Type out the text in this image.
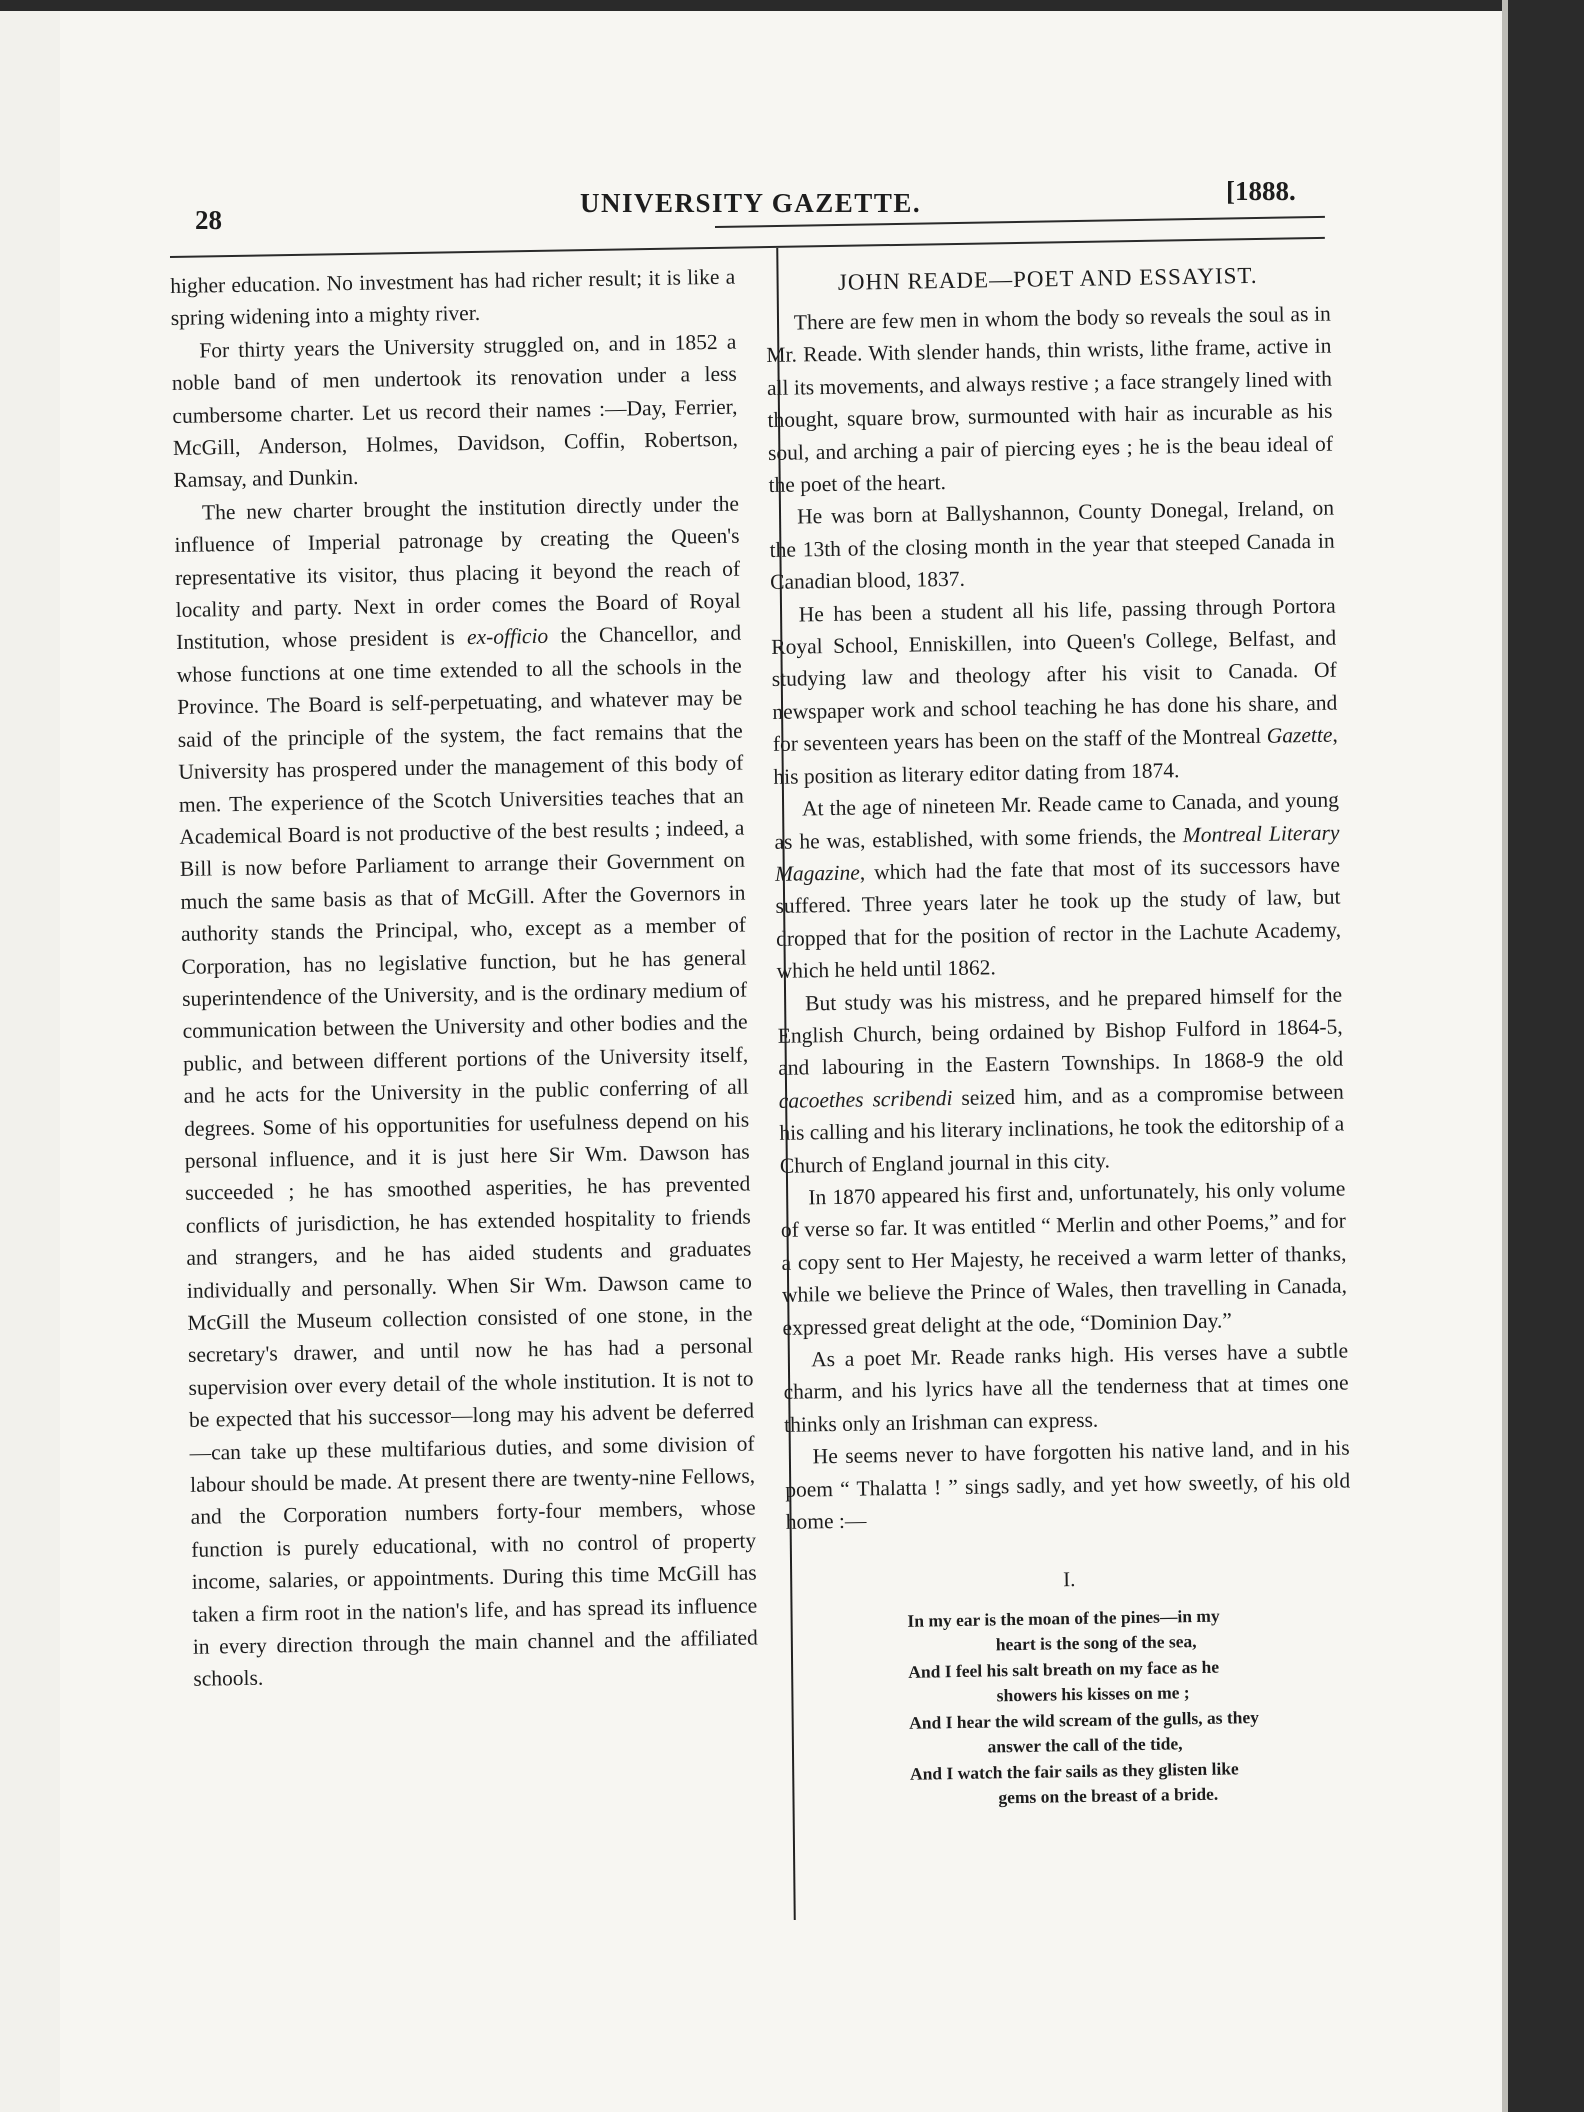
28
UNIVERSITY GAZETTE.	[1888.

higher education. No investment has had richer result; it is like a spring widening into a mighty river.

For thirty years the University struggled on, and in 1852 a noble band of men undertook its renovation under a less cumbersome charter. Let us record their names :—Day, Ferrier, McGill, Anderson, Holmes, Davidson, Coffin, Robertson, Ramsay, and Dunkin.

The new charter brought the institution directly under the influence of Imperial patronage by creating the Queen's representative its visitor, thus placing it beyond the reach of locality and party. Next in order comes the Board of Royal Institution, whose president is ex-officio the Chancellor, and whose functions at one time extended to all the schools in the Province. The Board is self-perpetuating, and whatever may be said of the principle of the system, the fact remains that the University has prospered under the management of this body of men. The experience of the Scotch Universities teaches that an Academical Board is not productive of the best results ; indeed, a Bill is now before Parliament to arrange their Government on much the same basis as that of McGill. After the Governors in authority stands the Principal, who, except as a member of Corporation, has no legislative function, but he has general superintendence of the University, and is the ordinary medium of communication between the University and other bodies and the public, and between different portions of the University itself, and he acts for the University in the public conferring of all degrees. Some of his opportunities for usefulness depend on his personal influence, and it is just here Sir Wm. Dawson has succeeded ; he has smoothed asperities, he has prevented conflicts of jurisdiction, he has extended hospitality to friends and strangers, and he has aided students and graduates individually and personally. When Sir Wm. Dawson came to McGill the Museum collection consisted of one stone, in the secretary's drawer, and until now he has had a personal supervision over every detail of the whole institution. It is not to be expected that his successor—long may his advent be deferred—can take up these multifarious duties, and some division of labour should be made. At present there are twenty-nine Fellows, and the Corporation numbers forty-four members, whose function is purely educational, with no control of property income, salaries, or appointments. During this time McGill has taken a firm root in the nation's life, and has spread its influence in every direction through the main channel and the affiliated schools.

JOHN READE—POET AND ESSAYIST.

There are few men in whom the body so reveals the soul as in Mr. Reade. With slender hands, thin wrists, lithe frame, active in all its movements, and always restive ; a face strangely lined with thought, square brow, surmounted with hair as incurable as his soul, and arching a pair of piercing eyes ; he is the beau ideal of the poet of the heart.

He was born at Ballyshannon, County Donegal, Ireland, on the 13th of the closing month in the year that steeped Canada in Canadian blood, 1837.

He has been a student all his life, passing through Portora Royal School, Enniskillen, into Queen's College, Belfast, and studying law and theology after his visit to Canada. Of newspaper work and school teaching he has done his share, and for seventeen years has been on the staff of the Montreal Gazette, his position as literary editor dating from 1874.

At the age of nineteen Mr. Reade came to Canada, and young as he was, established, with some friends, the Montreal Literary Magazine, which had the fate that most of its successors have suffered. Three years later he took up the study of law, but dropped that for the position of rector in the Lachute Academy, which he held until 1862.

But study was his mistress, and he prepared himself for the English Church, being ordained by Bishop Fulford in 1864-5, and labouring in the Eastern Townships. In 1868-9 the old cacoethes scribendi seized him, and as a compromise between his calling and his literary inclinations, he took the editorship of a Church of England journal in this city.

In 1870 appeared his first and, unfortunately, his only volume of verse so far. It was entitled “ Merlin and other Poems,” and for a copy sent to Her Majesty, he received a warm letter of thanks, while we believe the Prince of Wales, then travelling in Canada, expressed great delight at the ode, “Dominion Day.”

As a poet Mr. Reade ranks high. His verses have a subtle charm, and his lyrics have all the tenderness that at times one thinks only an Irishman can express.

He seems never to have forgotten his native land, and in his poem “ Thalatta ! ” sings sadly, and yet how sweetly, of his old home :—

I.
In my ear is the moan of the pines—in my
heart is the song of the sea,
And I feel his salt breath on my face as he
showers his kisses on me ;
And I hear the wild scream of the gulls, as they
answer the call of the tide,
And I watch the fair sails as they glisten like
gems on the breast of a bride.
